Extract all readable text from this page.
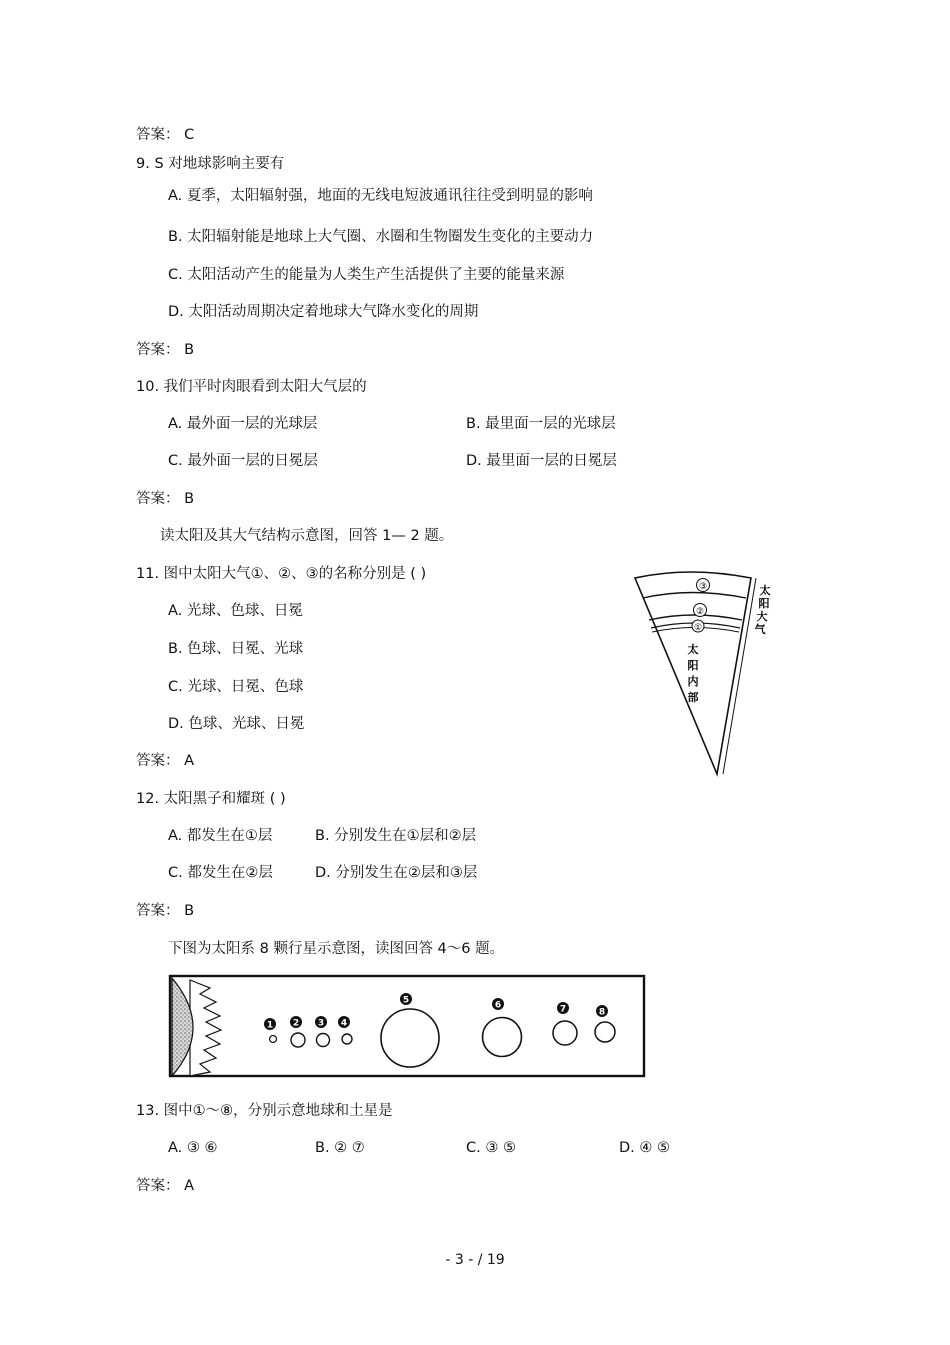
答案： C
9. S 对地球影响主要有
A. 夏季，太阳辐射强，地面的无线电短波通讯往往受到明显的影响
B. 太阳辐射能是地球上大气圈、水圈和生物圈发生变化的主要动力
C. 太阳活动产生的能量为人类生产生活提供了主要的能量来源
D. 太阳活动周期决定着地球大气降水变化的周期
答案： B
10. 我们平时肉眼看到太阳大气层的
A. 最外面一层的光球层	B. 最里面一层的光球层
C. 最外面一层的日冕层	D. 最里面一层的日冕层
答案： B
读太阳及其大气结构示意图，回答 1— 2 题。
11. 图中太阳大气①、②、③的名称分别是 ( )
A. 光球、色球、日冕
B. 色球、日冕、光球
C. 光球、日冕、色球
D. 色球、光球、日冕
答案： A
③
②
①
太
阳
内
部
太
阳
大
气
12. 太阳黑子和耀斑 ( )
A. 都发生在①层	B. 分别发生在①层和②层
C. 都发生在②层	D. 分别发生在②层和③层
答案： B
下图为太阳系 8 颗行星示意图，读图回答 4～6 题。
1 2 3 4
5	6	7	8
13. 图中①～⑧，分别示意地球和土星是
A. ③ ⑥	B. ② ⑦	C. ③ ⑤	D. ④ ⑤
答案： A
- 3 - / 19
